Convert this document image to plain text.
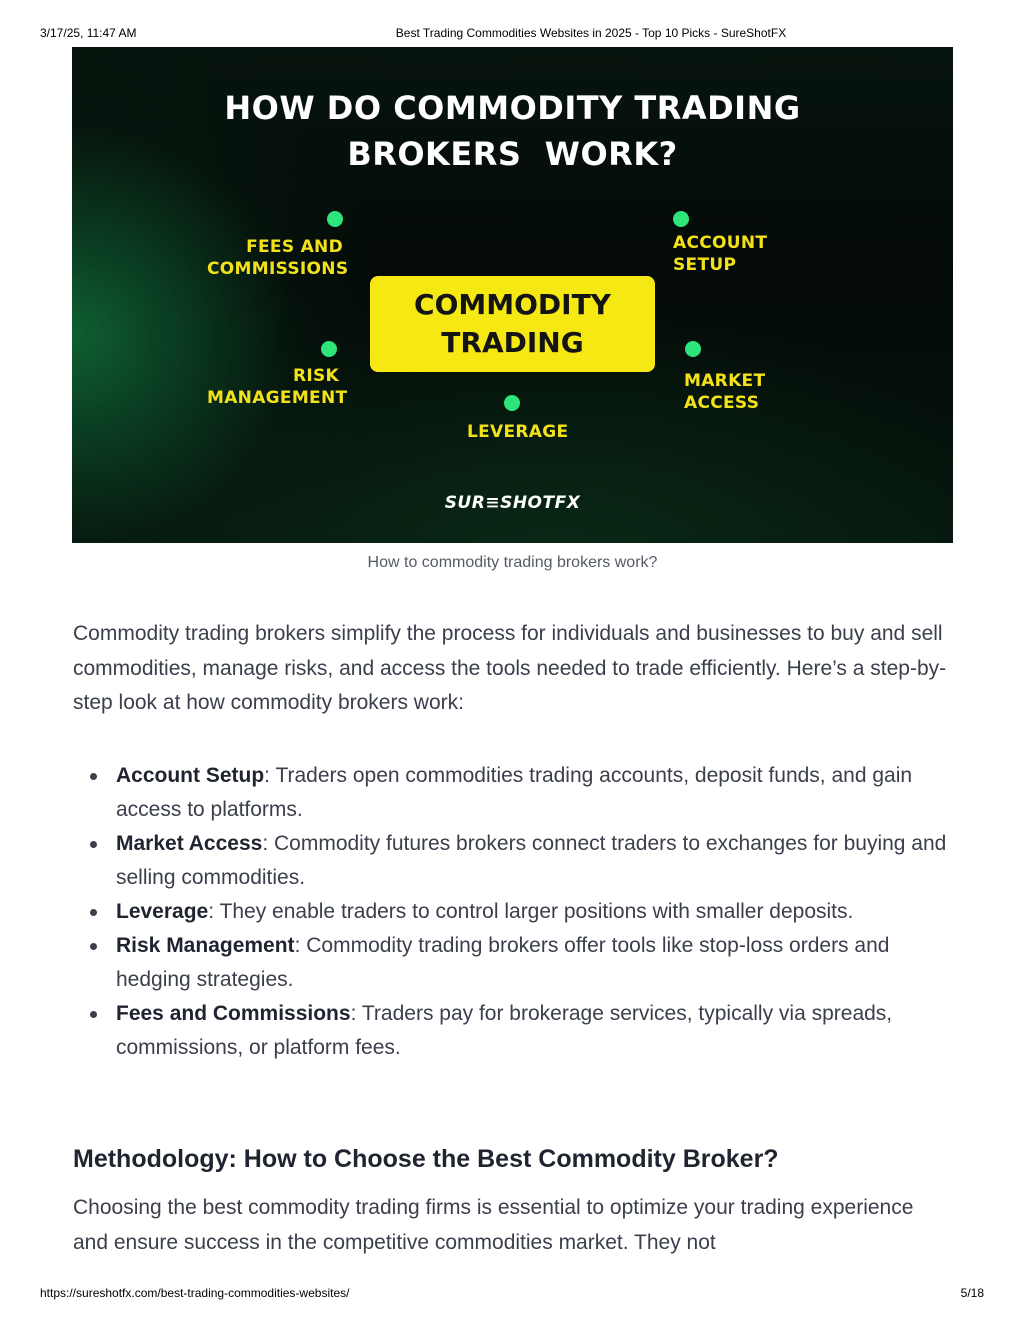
3/17/25, 11:47 AM	Best Trading Commodities Websites in 2025 - Top 10 Picks - SureShotFX
HOW DO COMMODITY TRADING
BROKERS  WORK?
COMMODITY
TRADING
FEES AND
COMMISSIONS
ACCOUNT
SETUP
RISK
MANAGEMENT
MARKET
ACCESS
LEVERAGE
SUR≡SHOTFX
How to commodity trading brokers work?

Commodity trading brokers simplify the process for individuals and businesses to buy and sell commodities, manage risks, and access the tools needed to trade efficiently. Here’s a step-by-step look at how commodity brokers work:

Account Setup: Traders open commodities trading accounts, deposit funds, and gain access to platforms.
Market Access: Commodity futures brokers connect traders to exchanges for buying and selling commodities.
Leverage: They enable traders to control larger positions with smaller deposits.
Risk Management: Commodity trading brokers offer tools like stop-loss orders and hedging strategies.
Fees and Commissions: Traders pay for brokerage services, typically via spreads, commissions, or platform fees.
Methodology: How to Choose the Best Commodity Broker?

Choosing the best commodity trading firms is essential to optimize your trading experience and ensure success in the competitive commodities market. They not

https://sureshotfx.com/best-trading-commodities-websites/	5/18
